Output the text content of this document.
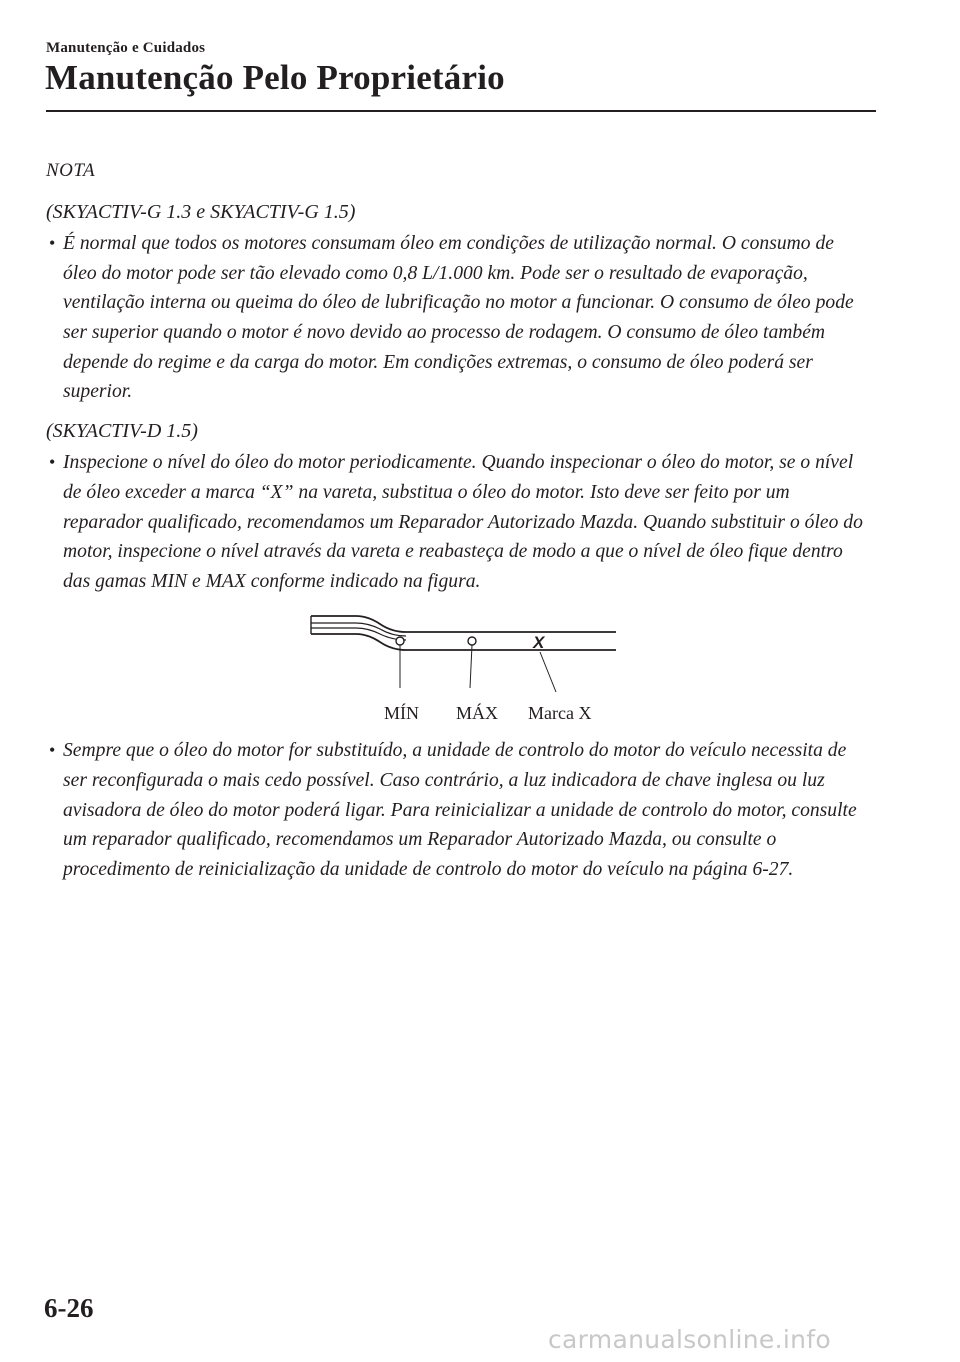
Manutenção e Cuidados
Manutenção Pelo Proprietário

NOTA

(SKYACTIV-G 1.3 e SKYACTIV-G 1.5)

• É normal que todos os motores consumam óleo em condições de utilização normal. O consumo de óleo do motor pode ser tão elevado como 0,8 L/1.000 km. Pode ser o resultado de evaporação, ventilação interna ou queima do óleo de lubrificação no motor a funcionar. O consumo de óleo pode ser superior quando o motor é novo devido ao processo de rodagem. O consumo de óleo também depende do regime e da carga do motor. Em condições extremas, o consumo de óleo poderá ser superior.

(SKYACTIV-D 1.5)

• Inspecione o nível do óleo do motor periodicamente. Quando inspecionar o óleo do motor, se o nível de óleo exceder a marca “X” na vareta, substitua o óleo do motor. Isto deve ser feito por um reparador qualificado, recomendamos um Reparador Autorizado Mazda. Quando substituir o óleo do motor, inspecione o nível através da vareta e reabasteça de modo a que o nível de óleo fique dentro das gamas MIN e MAX conforme indicado na figura.

X
• Sempre que o óleo do motor for substituído, a unidade de controlo do motor do veículo necessita de ser reconfigurada o mais cedo possível. Caso contrário, a luz indicadora de chave inglesa ou luz avisadora de óleo do motor poderá ligar. Para reinicializar a unidade de controlo do motor, consulte um reparador qualificado, recomendamos um Reparador Autorizado Mazda, ou consulte o procedimento de reinicialização da unidade de controlo do motor do veículo na página 6-27.

MÍN MÁX Marca X
6-26
carmanualsonline.info
